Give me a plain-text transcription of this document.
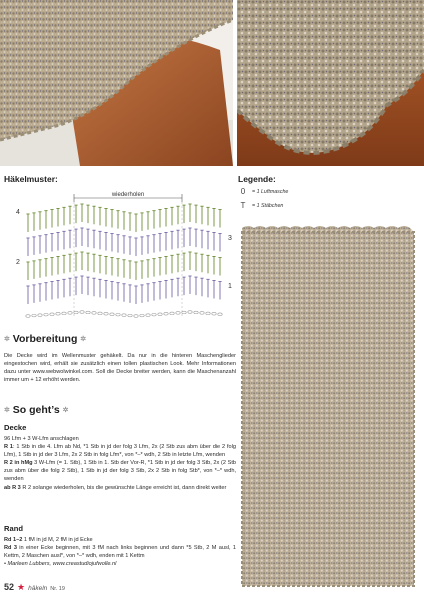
Häkelmuster:	Legende:
0	= 1 Luftmasche
T	= 1 Stäbchen
wiederholen
4
2
3
1
✲ Vorbereitung ✲

Die Decke wird im Wellenmuster gehäkelt. Da nur in die hinteren Maschenglieder eingestochen wird, erhält sie zusätzlich einen tollen plastischen Look. Mehr Informationen dazu unter www.webwolwinkel.com. Soll die Decke breiter werden, kann die Maschenanzahl immer um + 12 erhöht werden.

✲ So geht’s ✲
Decke

96 Lfm + 3 W-Lfm anschlagen

R 1: 1 Stb in die 4. Lfm ab Nd, *1 Stb in jd der folg 3 Lfm, 2x (2 Stb zus abm über die 2 folg Lfm), 1 Stb in jd der 3 Lfm, 2x 2 Stb in folg Lfm*, von *–* wdh, 2 Stb in letzte Lfm, wenden

R 2 in hMg 3 W-Lfm (= 1. Stb), 1 Stb in 1. Stb der Vor-R, *1 Stb in jd der folg 3 Stb, 2x (2 Stb zus abm über die folg 2 Stb), 1 Stb in jd der folg 3 Stb, 2x 2 Stb in folg Stb*, von *–* wdh, wenden

ab R 3 R 2 solange wiederholen, bis die gewünschte Länge erreicht ist, dann direkt weiter

Rand

Rd 1–2 1 fM in jd M, 2 fM in jd Ecke

Rd 3 in einer Ecke beginnen, mit 3 fM nach links beginnen und dann *5 Stb, 2 M ausl, 1 Kettm, 2 Maschen ausl*, von *–* wdh, enden mit 1 Kettm

• Marleen Lubbers, www.creastudiojufwolle.nl

52 ★ häkeln Nr. 19
